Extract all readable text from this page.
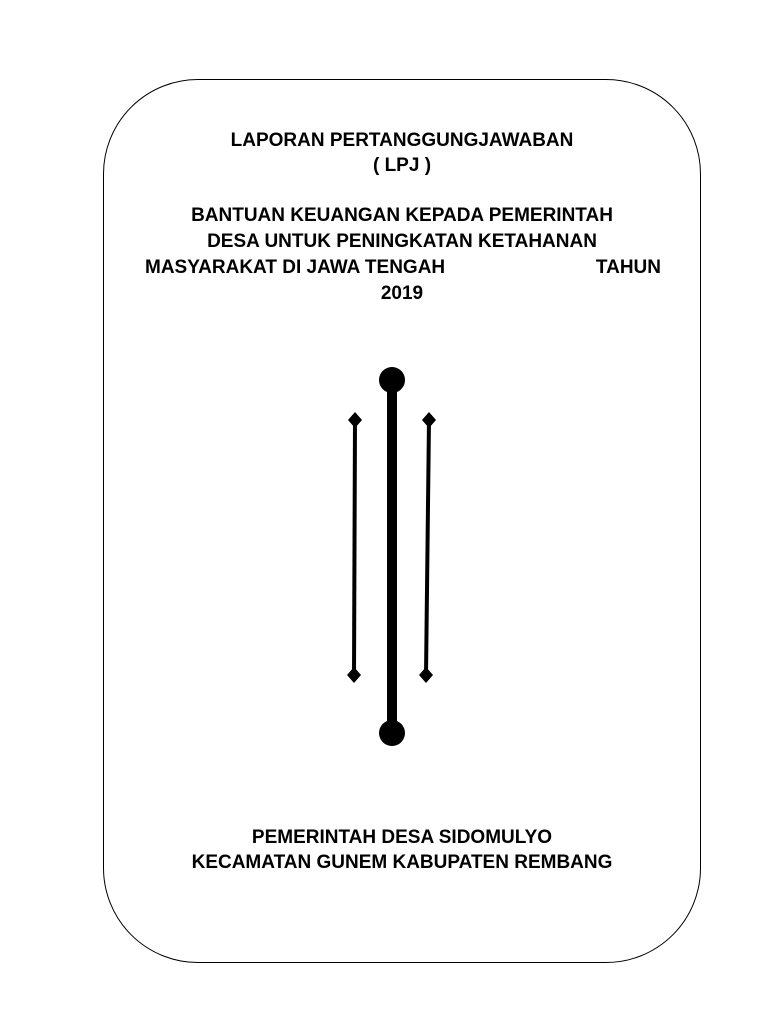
LAPORAN PERTANGGUNGJAWABAN
( LPJ )
BANTUAN KEUANGAN KEPADA PEMERINTAH
DESA UNTUK PENINGKATAN KETAHANAN
MASYARAKAT DI JAWA TENGAH	TAHUN
2019
PEMERINTAH DESA SIDOMULYO
KECAMATAN GUNEM KABUPATEN REMBANG
